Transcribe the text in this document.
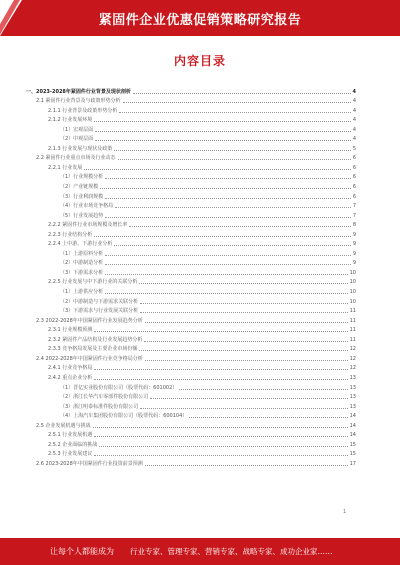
紧固件企业优惠促销策略研究报告
内容目录
一、2023-2028年紧固件行业背景及现状剖析	4
2.1 紧固件行业背景及与政策形势分析	4
2.1.1 行业背景及政策形势分析	4
2.1.2 行业发展环境	4
（1）宏观层面	4
（2）中观层面	4
2.1.3 行业发展与现状及政策	5
2.2 紧固件行业重点市场及行业动态	6
2.2.1 行业发展	6
（1）行业规模分析	6
（2）产业链规模	6
（3）行业利润规模	6
（4）行业市场竞争格局	7
（5）行业发展趋势	7
2.2.2 紧固件行业市场规模及增长率	8
2.2.3 行业结构分析	9
2.2.4 上中游、下游行业分析	9
（1）上游原料分析	9
（2）中游制造分析	9
（3）下游需求分析	10
2.2.5 行业发展与中下游行业的关联分析	10
（1）上游供应分析	10
（2）中游制造与下游需求关联分析	10
（3）下游需求与行业发展关联分析	11
2.3 2022-2028年中国紧固件行业发展趋势分析	11
2.3.1 行业规模预测	11
2.3.2 紧固件产品结构及行业发展趋势分析	11
2.3.3 竞争格局发展及主要企业市场份额	12
2.4 2022-2028年中国紧固件行业竞争格局分析	12
2.4.1 行业竞争格局	12
2.4.2 重点企业分析	13
（1）晋亿实业股份有限公司（股票代码：601002）	13
（2）浙江长华汽车零部件股份有限公司	13
（3）浙江明泰标准件股份有限公司	13
（4）上海汽车集团股份有限公司（股票代码：600104）	14
2.5 企业发展机遇与挑战	14
2.5.1 行业发展机遇	14
2.5.2 企业面临的挑战	15
2.5.3 行业发展建议	15
2.6 2023-2028年中国紧固件行业投资前景预测	17
1
让每个人都能成为 行业专家、管理专家、营销专家、战略专家、成功企业家……
